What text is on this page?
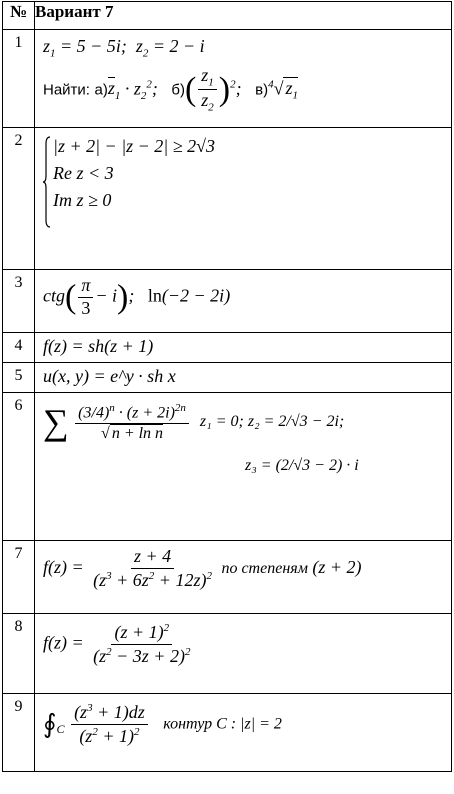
№	Вариант 7
1	$z_1 = 5 - 5i$;  $z_2 = 2 - i$
Найти: $а)z_1 \cdot z_2^2$;   $б)( \frac{z_1}{z_2} )^2$;   в)$^4$√ $z_1$

2	|z + 2| − |z − 2| ≥ 2√3
Re z < 3
Im z ≥ 0

3	$ctg( \frac{\pi}{3} - i)$;   ln(−2 − 2i)

4	f(z) = sh(z + 1)

5	u(x, y) = e^y · sh x

6	∑ $\frac{(3/4)^n \cdot (z + 2i)^{2n}}{\text{√ n + ln n}} z_1 = 0$; z₂ = 2/√3 − 2i;
z₃ = (2/√3 − 2) · i

7	$f(z) = \frac{z + 4}{(z^3 + 6z^2 + 12z)^2}$ по степеням (z + 2)

8	$f(z) = \frac{(z + 1)^2}{(z^2 - 3z + 2)^2}$

9	$∮_C \frac{(z^3 + 1)dz}{(z^2 + 1)^2}$ контур C : |z| = 2
